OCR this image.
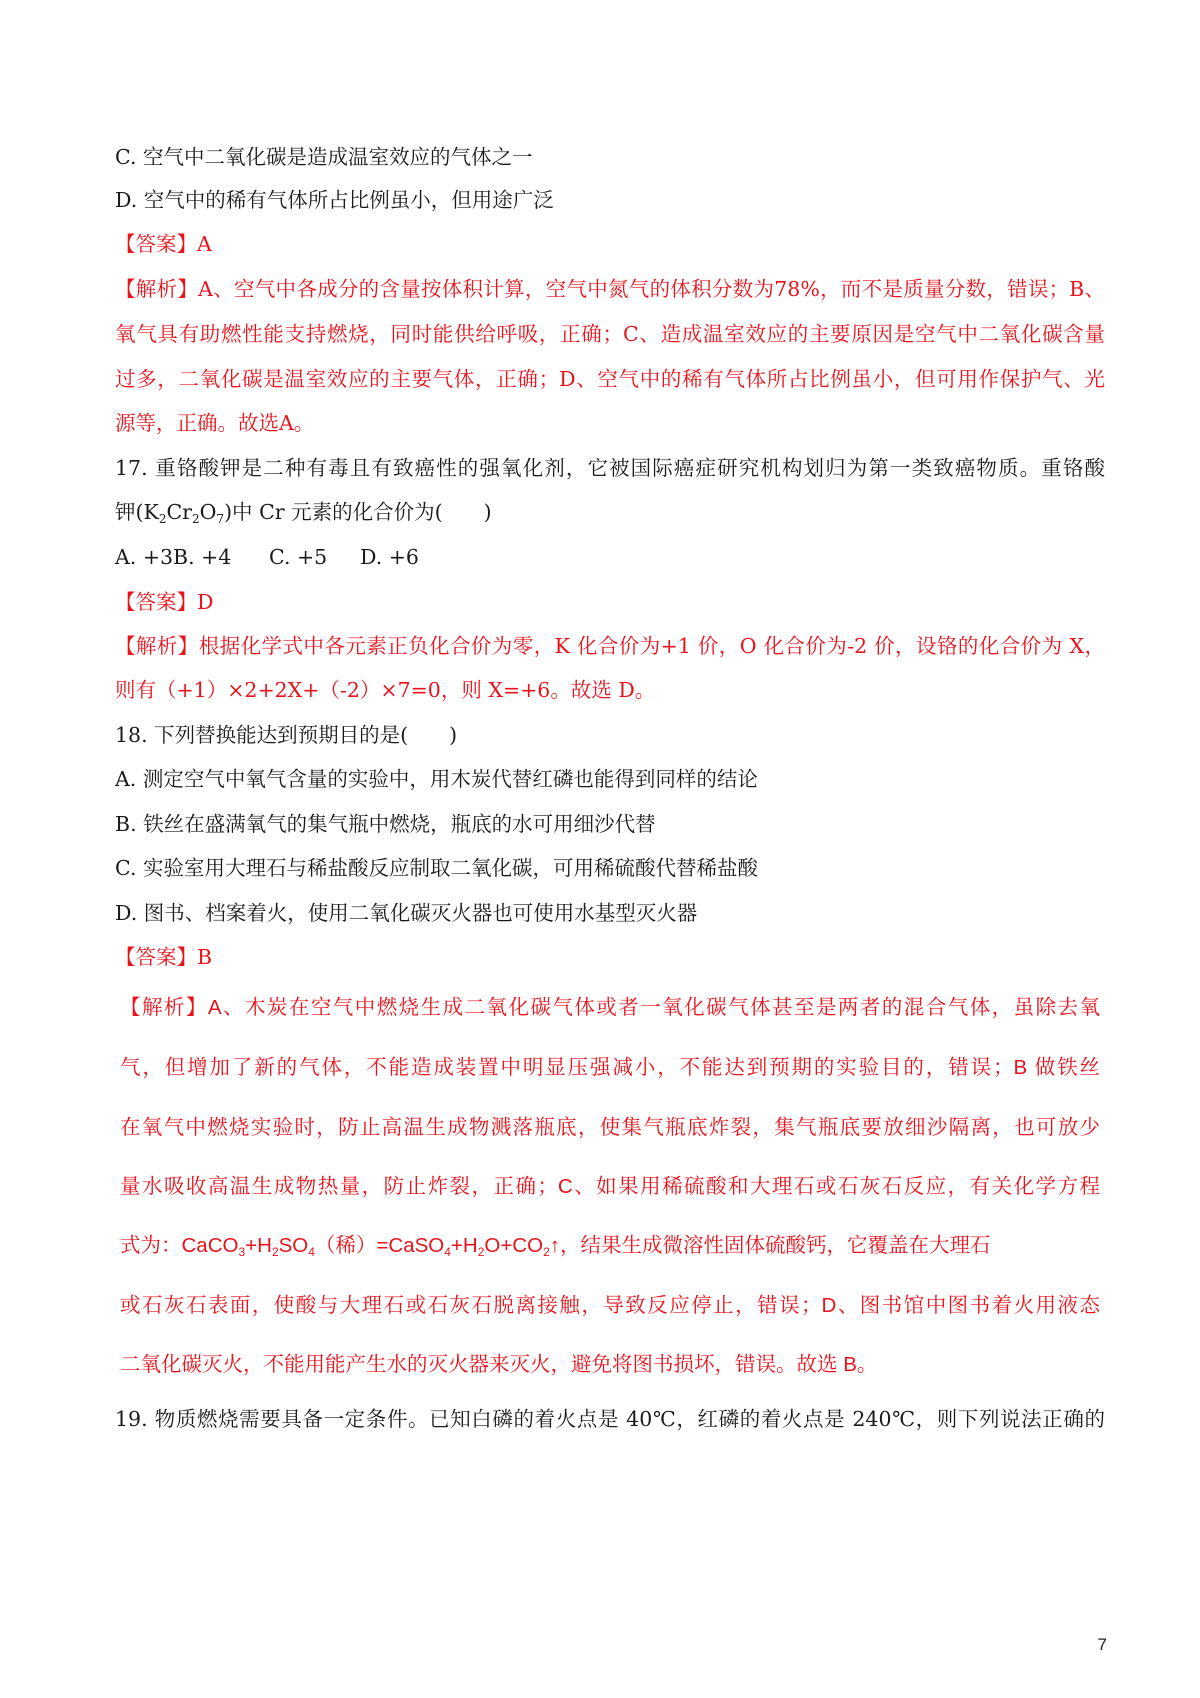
C. 空气中二氧化碳是造成温室效应的气体之一
D. 空气中的稀有气体所占比例虽小，但用途广泛
【答案】A
【解析】A、空气中各成分的含量按体积计算，空气中氮气的体积分数为78%，而不是质量分数，错误；B、
氧气具有助燃性能支持燃烧，同时能供给呼吸，正确；C、造成温室效应的主要原因是空气中二氧化碳含量
过多，二氧化碳是温室效应的主要气体，正确；D、空气中的稀有气体所占比例虽小，但可用作保护气、光
源等，正确。故选A。
17. 重铬酸钾是二种有毒且有致癌性的强氧化剂，它被国际癌症研究机构划归为第一类致癌物质。重铬酸
钾$(K_2Cr_2O_7)$中 Cr 元素的化合价为(　　)
A. +3B. +4 C. +5 D. +6
【答案】D
【解析】根据化学式中各元素正负化合价为零，K 化合价为+1 价，O 化合价为-2 价，设铬的化合价为 X，
则有（+1）×2+2X+（-2）×7=0，则 X=+6。故选 D。
18. 下列替换能达到预期目的是(　　)
A. 测定空气中氧气含量的实验中，用木炭代替红磷也能得到同样的结论
B. 铁丝在盛满氧气的集气瓶中燃烧，瓶底的水可用细沙代替
C. 实验室用大理石与稀盐酸反应制取二氧化碳，可用稀硫酸代替稀盐酸
D. 图书、档案着火，使用二氧化碳灭火器也可使用水基型灭火器
【答案】B
【解析】A、木炭在空气中燃烧生成二氧化碳气体或者一氧化碳气体甚至是两者的混合气体，虽除去氧
气，但增加了新的气体，不能造成装置中明显压强减小，不能达到预期的实验目的，错误；B 做铁丝
在氧气中燃烧实验时，防止高温生成物溅落瓶底，使集气瓶底炸裂，集气瓶底要放细沙隔离，也可放少
量水吸收高温生成物热量，防止炸裂，正确；C、如果用稀硫酸和大理石或石灰石反应，有关化学方程
式为：$CaCO_3+H_2SO_4$（稀）$=CaSO_4+H_2O+CO_2↑$，结果生成微溶性固体硫酸钙，它覆盖在大理石
或石灰石表面，使酸与大理石或石灰石脱离接触，导致反应停止，错误；D、图书馆中图书着火用液态
二氧化碳灭火，不能用能产生水的灭火器来灭火，避免将图书损坏，错误。故选 B。
19. 物质燃烧需要具备一定条件。已知白磷的着火点是 40℃，红磷的着火点是 240℃，则下列说法正确的
7
